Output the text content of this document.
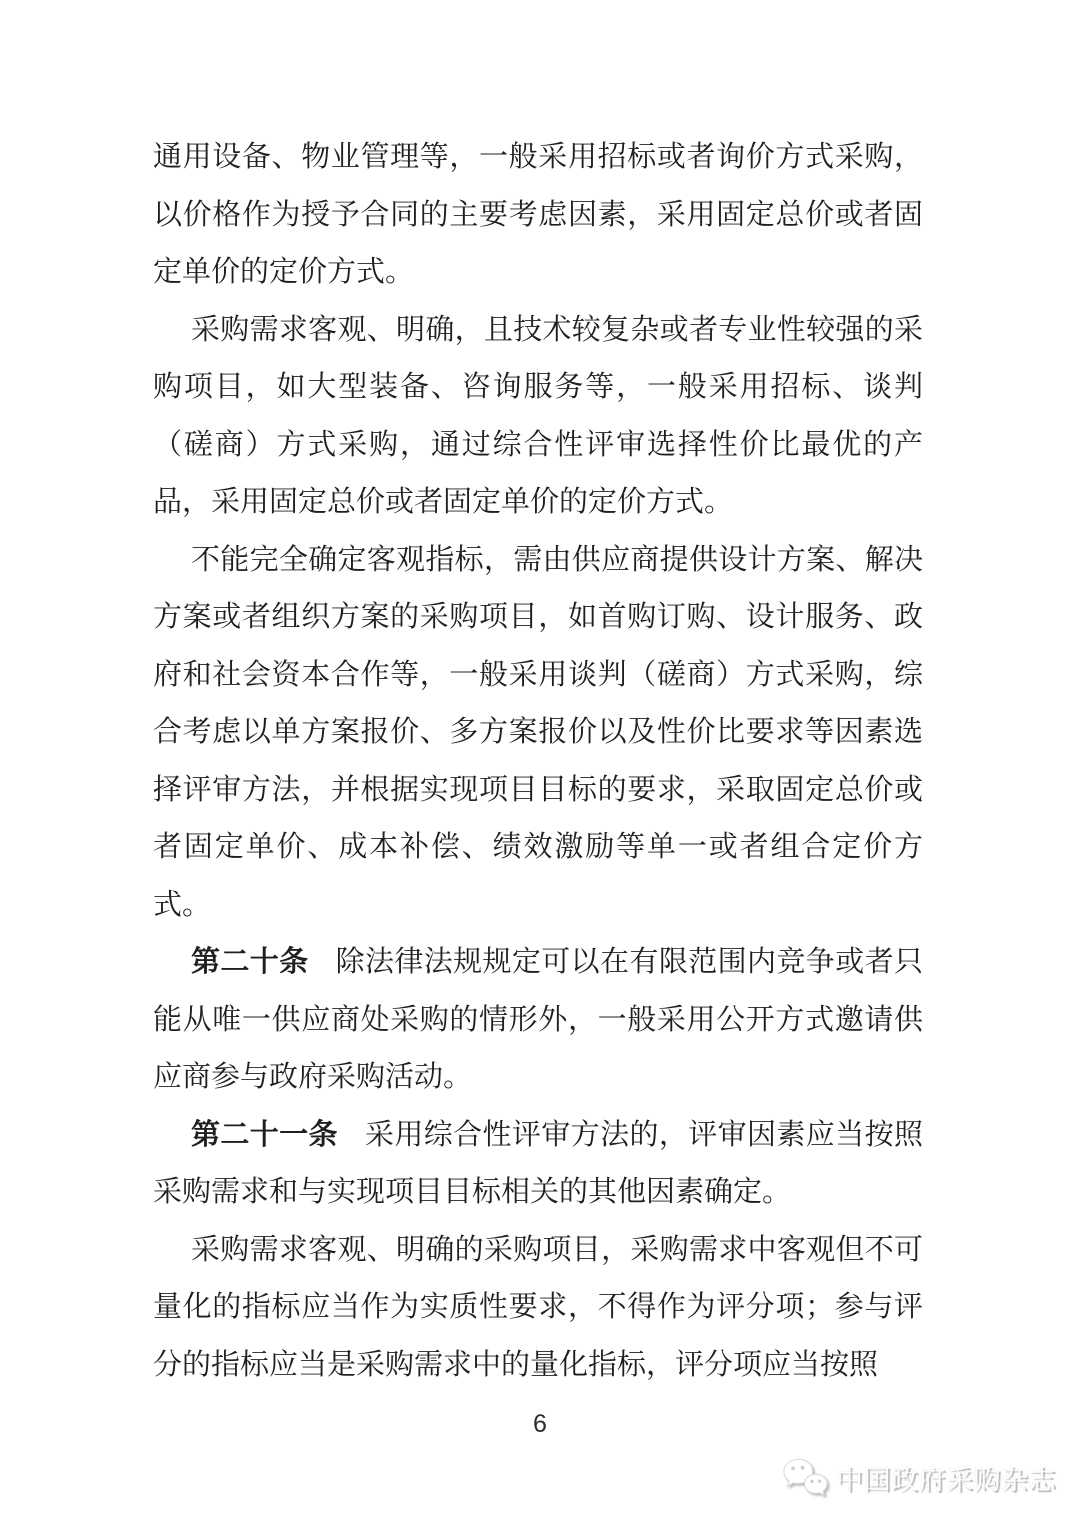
通用设备、物业管理等，一般采用招标或者询价方式采购，以价格作为授予合同的主要考虑因素，采用固定总价或者固定单价的定价方式。

采购需求客观、明确，且技术较复杂或者专业性较强的采购项目，如大型装备、咨询服务等，一般采用招标、谈判（磋商）方式采购，通过综合性评审选择性价比最优的产品，采用固定总价或者固定单价的定价方式。

不能完全确定客观指标，需由供应商提供设计方案、解决方案或者组织方案的采购项目，如首购订购、设计服务、政府和社会资本合作等，一般采用谈判（磋商）方式采购，综合考虑以单方案报价、多方案报价以及性价比要求等因素选择评审方法，并根据实现项目目标的要求，采取固定总价或者固定单价、成本补偿、绩效激励等单一或者组合定价方式。

第二十条 除法律法规规定可以在有限范围内竞争或者只能从唯一供应商处采购的情形外，一般采用公开方式邀请供应商参与政府采购活动。

第二十一条 采用综合性评审方法的，评审因素应当按照采购需求和与实现项目目标相关的其他因素确定。

采购需求客观、明确的采购项目，采购需求中客观但不可量化的指标应当作为实质性要求，不得作为评分项；参与评分的指标应当是采购需求中的量化指标，评分项应当按照

6
中国政府采购杂志
